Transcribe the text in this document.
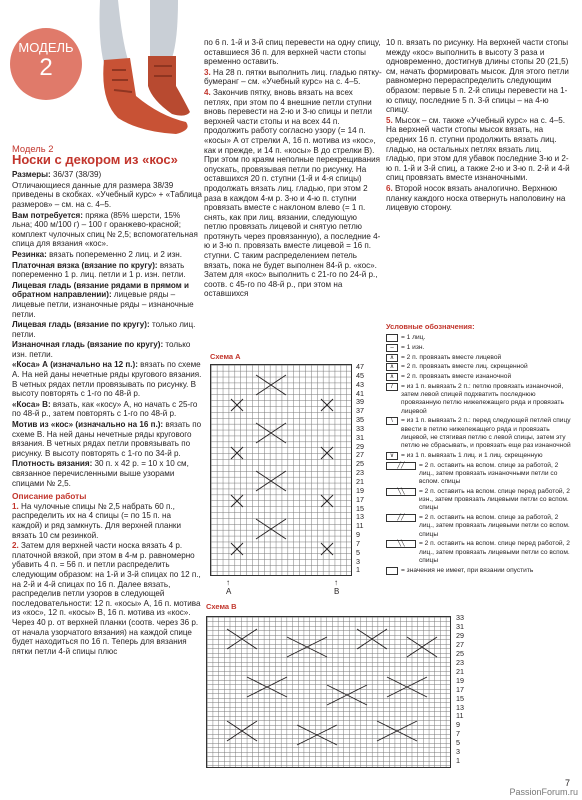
МОДЕЛЬ
2
Модель 2
Носки с декором из «кос»

Размеры: 36/37 (38/39)

Отличающиеся данные для размера 38/39 приведены в скобках. «Учебный курс» + «Таблица размеров» – см. на с. 4–5.

Вам потребуется: пряжа (85% шерсти, 15% льна; 400 м/100 г) – 100 г оранжево-красной; комплект чулочных спиц № 2,5; вспомогательная спица для вязания «кос».

Резинка: вязать попеременно 2 лиц. и 2 изн.

Платочная вязка (вязание по кругу): вязать попеременно 1 р. лиц. петли и 1 р. изн. петли.

Лицевая гладь (вязание рядами в прямом и обратном направлении): лицевые ряды – лицевые петли, изнаночные ряды – изнаночные петли.

Лицевая гладь (вязание по кругу): только лиц. петли.

Изнаночная гладь (вязание по кругу): только изн. петли.

«Коса» А (изначально на 12 п.): вязать по схеме А. На ней даны нечетные ряды кругового вязания. В четных рядах петли провязывать по рисунку. В высоту повторять с 1-го по 48-й р.

«Коса» В: вязать, как «косу» А, но начать с 25-го по 48-й р., затем повторять с 1-го по 48-й р.

Мотив из «кос» (изначально на 16 п.): вязать по схеме В. На ней даны нечетные ряды кругового вязания. В четных рядах петли провязывать по рисунку. В высоту повторять с 1-го по 34-й р.

Плотность вязания: 30 п. х 42 р. = 10 х 10 см, связанное перечисленными выше узорами спицами № 2,5.

Описание работы

1. На чулочные спицы № 2,5 набрать 60 п., распределить их на 4 спицы (= по 15 п. на каждой) и ряд замкнуть. Для верхней планки вязать 10 см резинкой.

2. Затем для верхней части носка вязать 4 р. платочной вязкой, при этом в 4-м р. равномерно убавить 4 п. = 56 п. и петли распределить следующим образом: на 1-й и 3-й спицах по 12 п., на 2-й и 4-й спицах по 16 п. Далее вязать, распределив петли узоров в следующей последовательности: 12 п. «косы» А, 16 п. мотива из «кос», 12 п. «косы» В, 16 п. мотива из «кос». Через 40 р. от верхней планки (соотв. через 36 р. от начала узорчатого вязания) на каждой спице будет находиться по 16 п. Теперь для вязания пятки петли 4-й спицы плюс

по 6 п. 1-й и 3-й спиц перевести на одну спицу, оставшиеся 36 п. для верхней части стопы временно оставить.

3. На 28 п. пятки выполнить лиц. гладью пятку-бумеранг – см. «Учебный курс» на с. 4–5.

4. Закончив пятку, вновь вязать на всех петлях, при этом по 4 внешние петли ступни вновь перевести на 2-ю и 3-ю спицы и петли верхней части стопы и на всех 44 п. продолжить работу согласно узору (= 14 п. «косы» А от стрелки А, 16 п. мотива из «кос», как и прежде, и 14 п. «косы» В до стрелки В). При этом по краям неполные перекрещивания опускать, провязывая петли по рисунку. На оставшихся 20 п. ступни (1-й и 4-я спицы) продолжать вязать лиц. гладью, при этом 2 раза в каждом 4-м р. 3-ю и 4-ю п. ступни провязать вместе с наклоном влево (= 1 п. снять, как при лиц. вязании, следующую петлю провязать лицевой и снятую петлю протянуть через провязанную), а последние 4-ю и 3-ю п. провязать вместе лицевой = 16 п. ступни. С таким распределением петель вязать, пока не будет выполнен 84-й р. «кос». Затем для «кос» выполнить с 21-го по 24-й р., соотв. с 45-го по 48-й р., при этом на оставшихся

10 п. вязать по рисунку. На верхней части стопы между «кос» выполнить в высоту 3 раза и одновременно, достигнув длины стопы 20 (21,5) см, начать формировать мысок. Для этого петли равномерно перераспределить следующим образом: первые 5 п. 2-й спицы перевести на 1-ю спицу, последние 5 п. 3-й спицы – на 4-ю спицу.

5. Мысок – см. также «Учебный курс» на с. 4–5. На верхней части стопы мысок вязать, на средних 16 п. ступни продолжить вязать лиц. гладью, на остальных петлях вязать лиц. гладью, при этом для убавок последние 3-ю и 2-ю п. 1-й и 3-й спиц, а также 2-ю и 3-ю п. 2-й и 4-й спиц провязать вместе изнаночными.

6. Второй носок вязать аналогично. Верхнюю планку каждого носка отвернуть наполовину на лицевую сторону.

Схема А
47
45
43
41
39
37
35
33
31
29
27
25
23
21
19
17
15
13
11
9
7
5
3
1
↑
A
↑
B
Схема В
33
31
29
27
25
23
21
19
17
15
13
11
9
7
5
3
1
Условные обозначения:
= 1 лиц.
–	= 1 изн.
∧	= 2 п. провязать вместе лицевой
∧	= 2 п. провязать вместе лиц. скрещенной
∧	= 2 п. провязать вместе изнаночной
/	= из 1 п. вывязать 2 п.: петлю провязать изнаночной, затем левой спицей подхватить последнюю провязанную петлю нижележащего ряда и провязать лицевой
\	= из 1 п. вывязать 2 п.: перед следующей петлей спицу ввести в петлю нижележащего ряда и провязать лицевой, не стягивая петлю с левой спицы, затем эту петлю не сбрасывать, и провязать еще раз изнаночной
∨	= из 1 п. вывязать 1 лиц. и 1 лиц. скрещенную
╱╱	= 2 п. оставить на вспом. спице за работой, 2 лиц., затем провязать изнаночными петли со вспом. спицы
╲╲	= 2 п. оставить на вспом. спице перед работой, 2 изн., затем провязать лицевыми петли со вспом. спицы
╱╱	= 2 п. оставить на вспом. спице за работой, 2 лиц., затем провязать лицевыми петли со вспом. спицы
╲╲	= 2 п. оставить на вспом. спице перед работой, 2 лиц., затем провязать лицевыми петли со вспом. спицы
= значения не имеет, при вязании опустить
7
PassionForum.ru
